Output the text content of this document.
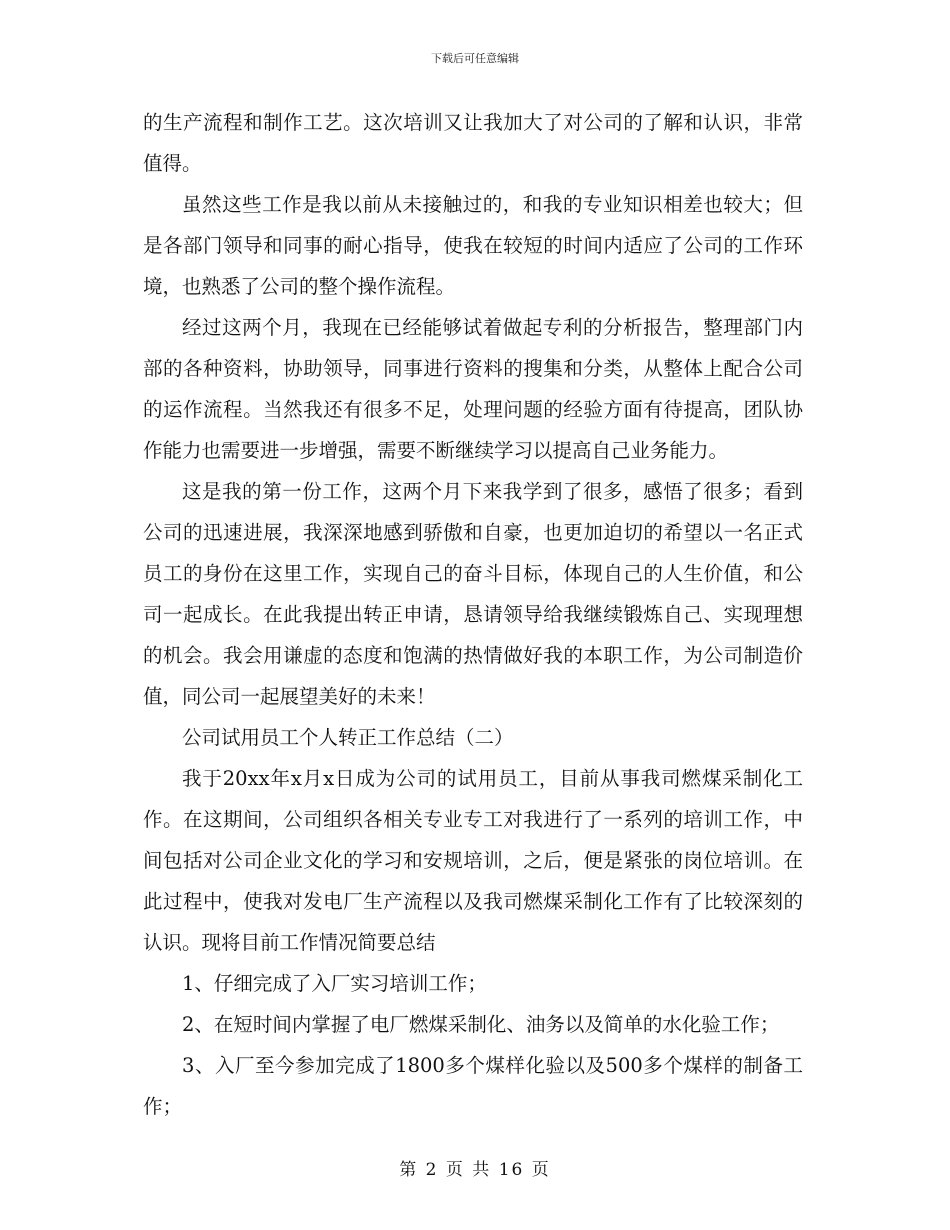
下载后可任意编辑

的生产流程和制作工艺。这次培训又让我加大了对公司的了解和认识，非常值得。

虽然这些工作是我以前从未接触过的，和我的专业知识相差也较大；但是各部门领导和同事的耐心指导，使我在较短的时间内适应了公司的工作环境，也熟悉了公司的整个操作流程。

经过这两个月，我现在已经能够试着做起专利的分析报告，整理部门内部的各种资料，协助领导，同事进行资料的搜集和分类，从整体上配合公司的运作流程。当然我还有很多不足，处理问题的经验方面有待提高，团队协作能力也需要进一步增强，需要不断继续学习以提高自己业务能力。

这是我的第一份工作，这两个月下来我学到了很多，感悟了很多；看到公司的迅速进展，我深深地感到骄傲和自豪，也更加迫切的希望以一名正式员工的身份在这里工作，实现自己的奋斗目标，体现自己的人生价值，和公司一起成长。在此我提出转正申请，恳请领导给我继续锻炼自己、实现理想的机会。我会用谦虚的态度和饱满的热情做好我的本职工作，为公司制造价值，同公司一起展望美好的未来！

公司试用员工个人转正工作总结（二）

我于20xx年x月x日成为公司的试用员工，目前从事我司燃煤采制化工作。在这期间，公司组织各相关专业专工对我进行了一系列的培训工作，中间包括对公司企业文化的学习和安规培训，之后，便是紧张的岗位培训。在此过程中，使我对发电厂生产流程以及我司燃煤采制化工作有了比较深刻的认识。现将目前工作情况简要总结

1、仔细完成了入厂实习培训工作；

2、在短时间内掌握了电厂燃煤采制化、油务以及简单的水化验工作；

3、入厂至今参加完成了1800多个煤样化验以及500多个煤样的制备工作；

第 2 页 共 16 页
